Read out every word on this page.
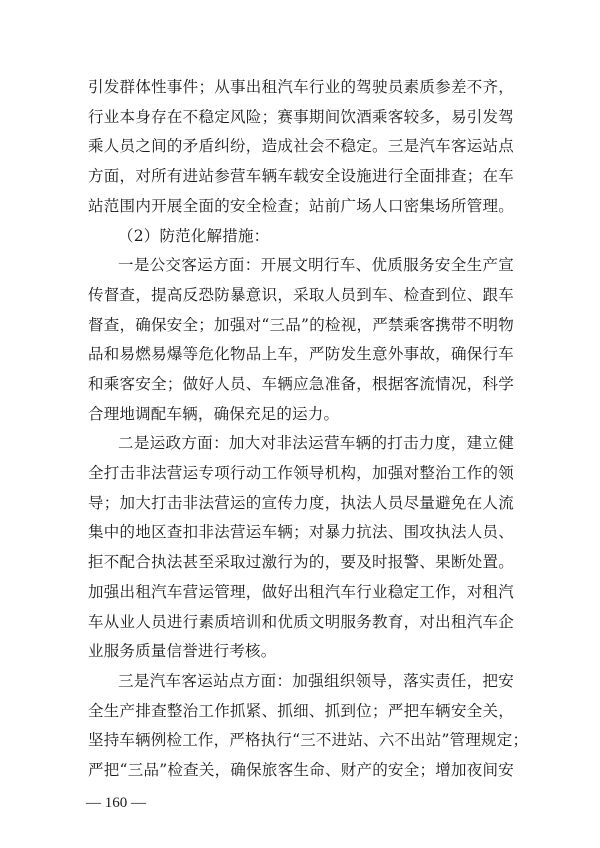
引发群体性事件；从事出租汽车行业的驾驶员素质参差不齐，
行业本身存在不稳定风险；赛事期间饮酒乘客较多，易引发驾
乘人员之间的矛盾纠纷，造成社会不稳定。三是汽车客运站点
方面，对所有进站参营车辆车载安全设施进行全面排查；在车
站范围内开展全面的安全检查；站前广场人口密集场所管理。
（2）防范化解措施：
一是公交客运方面：开展文明行车、优质服务安全生产宣
传督查，提高反恐防暴意识，采取人员到车、检查到位、跟车
督查，确保安全；加强对“三品”的检视，严禁乘客携带不明物
品和易燃易爆等危化物品上车，严防发生意外事故，确保行车
和乘客安全；做好人员、车辆应急准备，根据客流情况，科学
合理地调配车辆，确保充足的运力。
二是运政方面：加大对非法运营车辆的打击力度，建立健
全打击非法营运专项行动工作领导机构，加强对整治工作的领
导；加大打击非法营运的宣传力度，执法人员尽量避免在人流
集中的地区查扣非法营运车辆；对暴力抗法、围攻执法人员、
拒不配合执法甚至采取过激行为的，要及时报警、果断处置。
加强出租汽车营运管理，做好出租汽车行业稳定工作，对租汽
车从业人员进行素质培训和优质文明服务教育，对出租汽车企
业服务质量信誉进行考核。
三是汽车客运站点方面：加强组织领导，落实责任，把安
全生产排查整治工作抓紧、抓细、抓到位；严把车辆安全关，
坚持车辆例检工作，严格执行“三不进站、六不出站”管理规定；
严把“三品”检查关，确保旅客生命、财产的安全；增加夜间安
— 160 —
